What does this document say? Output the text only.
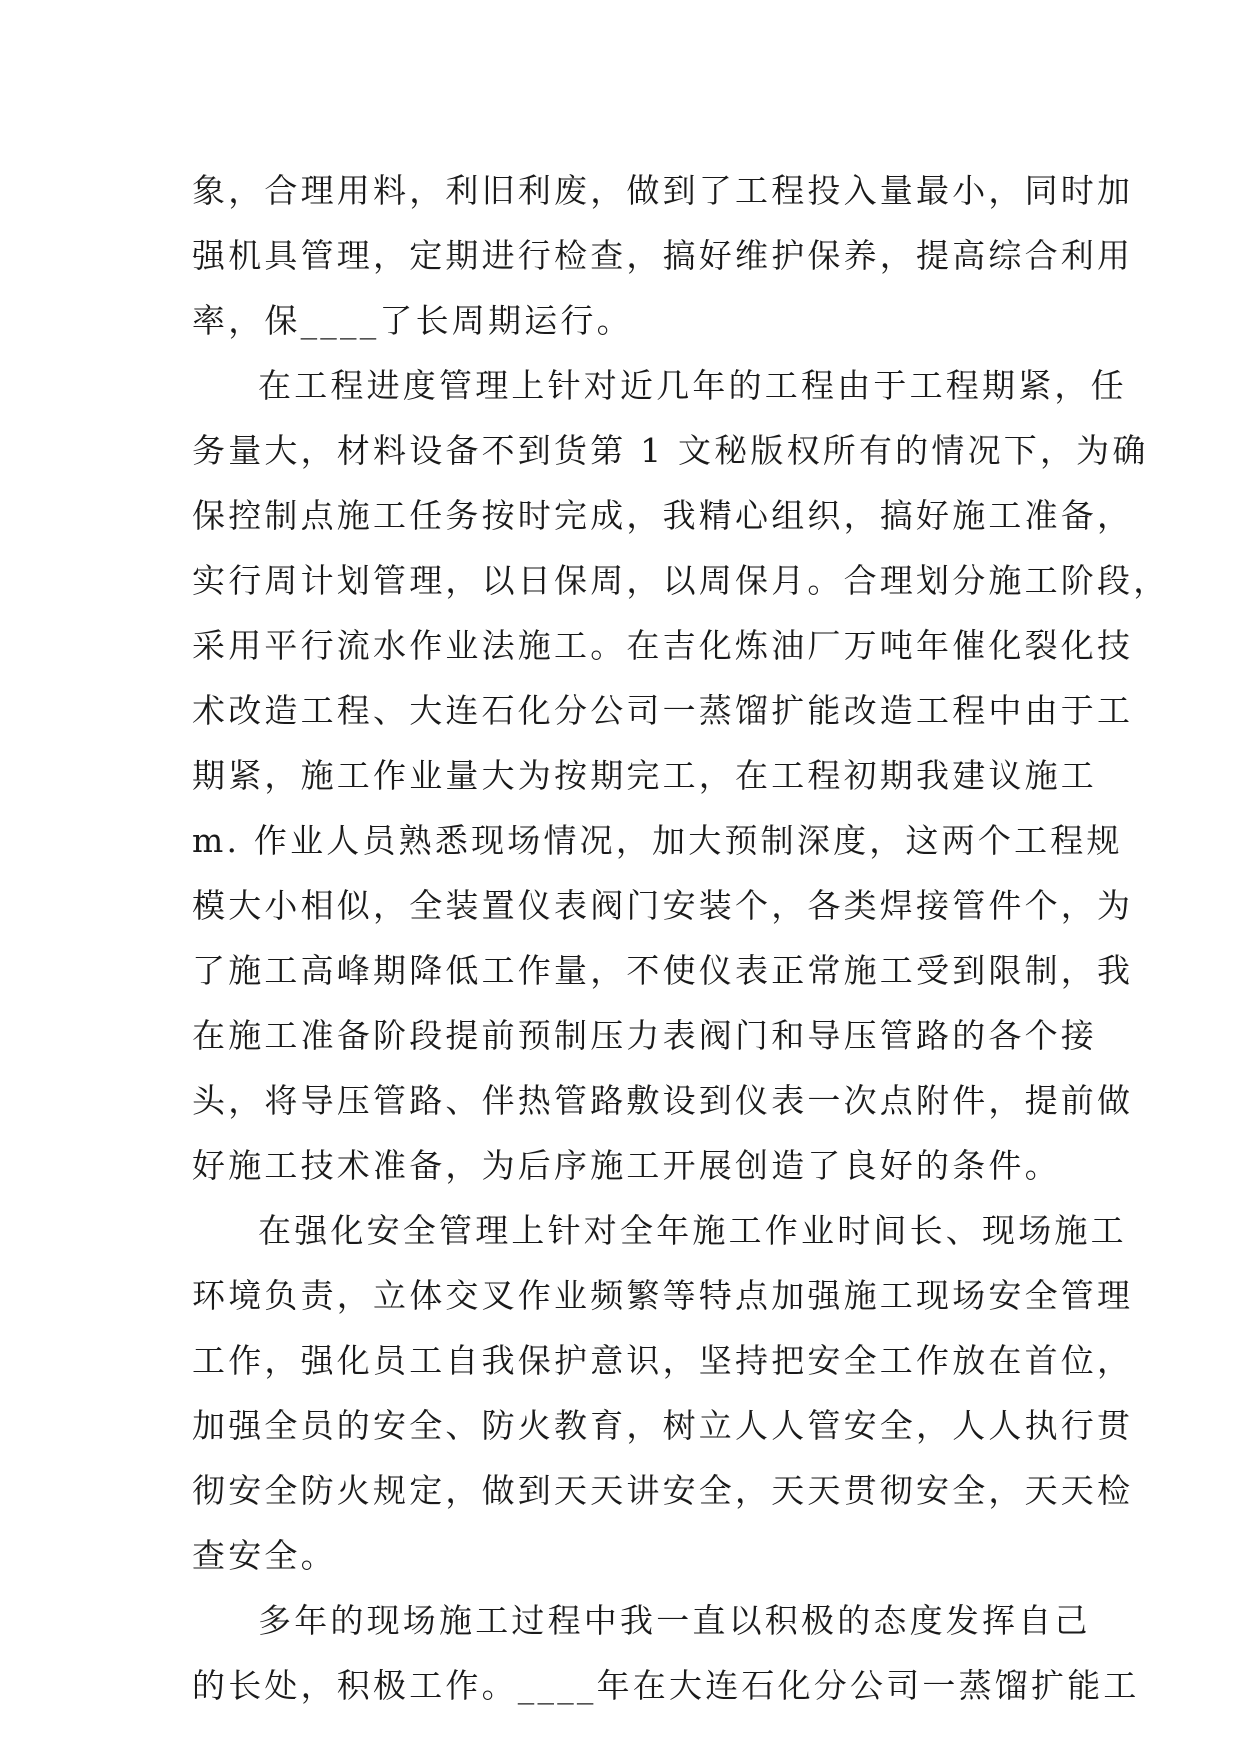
象，合理用料，利旧利废，做到了工程投入量最小，同时加
强机具管理，定期进行检查，搞好维护保养，提高综合利用
率，保____了长周期运行。
在工程进度管理上针对近几年的工程由于工程期紧，任
务量大，材料设备不到货第 1 文秘版权所有的情况下，为确
保控制点施工任务按时完成，我精心组织，搞好施工准备，
实行周计划管理，以日保周，以周保月。合理划分施工阶段，
采用平行流水作业法施工。在吉化炼油厂万吨年催化裂化技
术改造工程、大连石化分公司一蒸馏扩能改造工程中由于工
期紧，施工作业量大为按期完工，在工程初期我建议施工
m. 作业人员熟悉现场情况，加大预制深度，这两个工程规
模大小相似，全装置仪表阀门安装个，各类焊接管件个，为
了施工高峰期降低工作量，不使仪表正常施工受到限制，我
在施工准备阶段提前预制压力表阀门和导压管路的各个接
头，将导压管路、伴热管路敷设到仪表一次点附件，提前做
好施工技术准备，为后序施工开展创造了良好的条件。
在强化安全管理上针对全年施工作业时间长、现场施工
环境负责，立体交叉作业频繁等特点加强施工现场安全管理
工作，强化员工自我保护意识，坚持把安全工作放在首位，
加强全员的安全、防火教育，树立人人管安全，人人执行贯
彻安全防火规定，做到天天讲安全，天天贯彻安全，天天检
查安全。
多年的现场施工过程中我一直以积极的态度发挥自己
的长处，积极工作。____年在大连石化分公司一蒸馏扩能工
